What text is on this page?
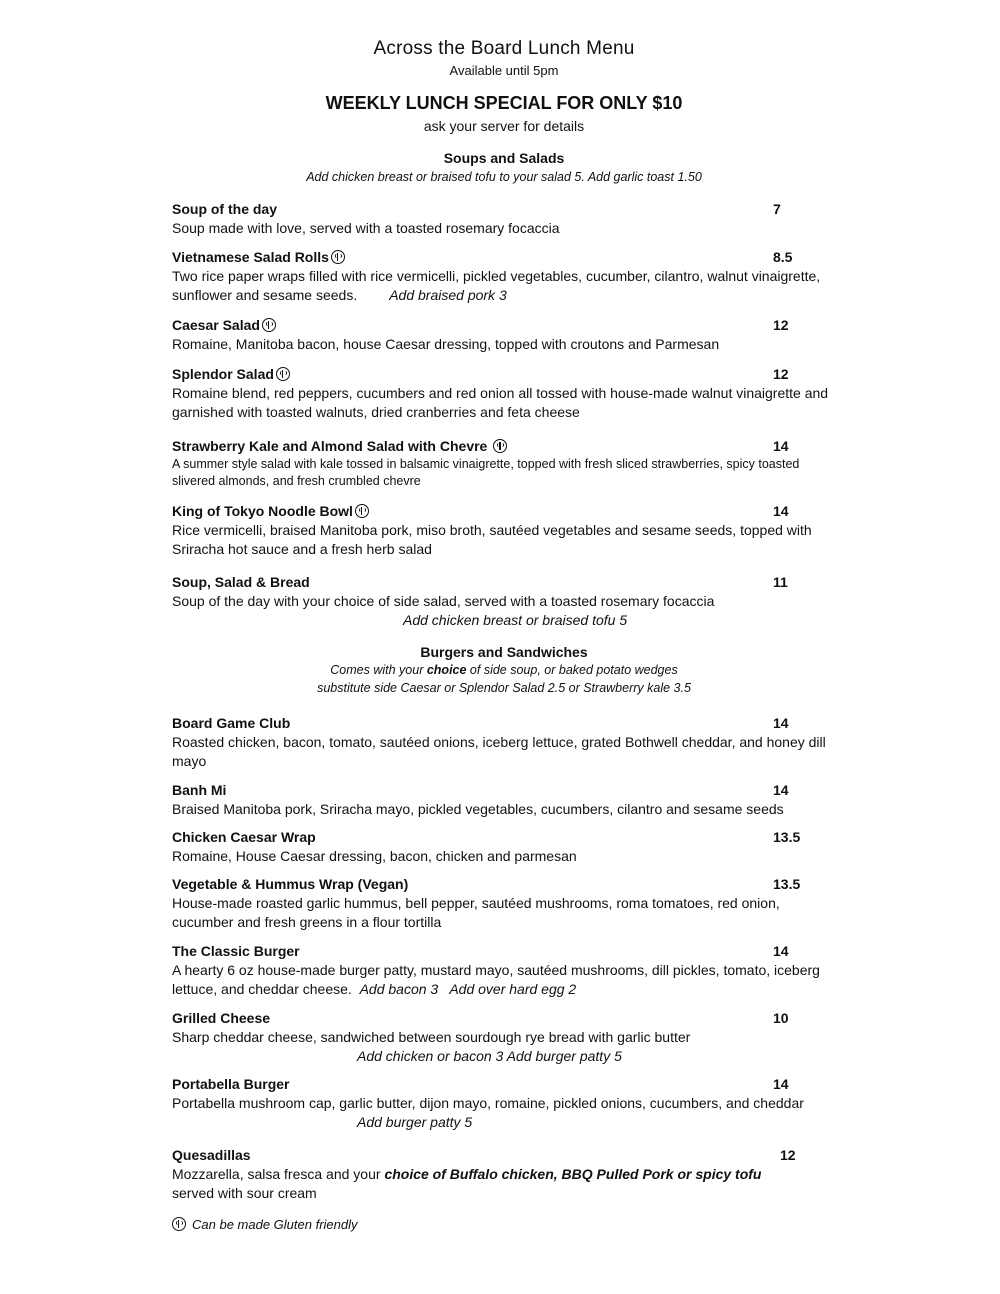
Across the Board Lunch Menu
Available until 5pm
WEEKLY LUNCH SPECIAL FOR ONLY $10
ask your server for details
Soups and Salads
Add chicken breast or braised tofu to your salad 5. Add garlic toast 1.50
Soup of the day	7
Soup made with love, served with a toasted rosemary focaccia
Vietnamese Salad Rolls	8.5
Two rice paper wraps filled with rice vermicelli, pickled vegetables, cucumber, cilantro, walnut vinaigrette, sunflower and sesame seeds. Add braised pork 3
Caesar Salad	12
Romaine, Manitoba bacon, house Caesar dressing, topped with croutons and Parmesan
Splendor Salad	12
Romaine blend, red peppers, cucumbers and red onion all tossed with house-made walnut vinaigrette and garnished with toasted walnuts, dried cranberries and feta cheese
Strawberry Kale and Almond Salad with Chevre	14
A summer style salad with kale tossed in balsamic vinaigrette, topped with fresh sliced strawberries, spicy toasted slivered almonds, and fresh crumbled chevre
King of Tokyo Noodle Bowl	14
Rice vermicelli, braised Manitoba pork, miso broth, sautéed vegetables and sesame seeds, topped with Sriracha hot sauce and a fresh herb salad
Soup, Salad & Bread	11
Soup of the day with your choice of side salad, served with a toasted rosemary focaccia
Add chicken breast or braised tofu 5
Burgers and Sandwiches
Comes with your choice of side soup, or baked potato wedges
substitute side Caesar or Splendor Salad 2.5 or Strawberry kale 3.5
Board Game Club	14
Roasted chicken, bacon, tomato, sautéed onions, iceberg lettuce, grated Bothwell cheddar, and honey dill mayo
Banh Mi	14
Braised Manitoba pork, Sriracha mayo, pickled vegetables, cucumbers, cilantro and sesame seeds
Chicken Caesar Wrap	13.5
Romaine, House Caesar dressing, bacon, chicken and parmesan
Vegetable & Hummus Wrap (Vegan)	13.5
House-made roasted garlic hummus, bell pepper, sautéed mushrooms, roma tomatoes, red onion, cucumber and fresh greens in a flour tortilla
The Classic Burger	14
A hearty 6 oz house-made burger patty, mustard mayo, sautéed mushrooms, dill pickles, tomato, iceberg lettuce, and cheddar cheese. Add bacon 3   Add over hard egg 2
Grilled Cheese	10
Sharp cheddar cheese, sandwiched between sourdough rye bread with garlic butter
Add chicken or bacon 3 Add burger patty 5
Portabella Burger	14
Portabella mushroom cap, garlic butter, dijon mayo, romaine, pickled onions, cucumbers, and cheddar
Add burger patty 5
Quesadillas	12
Mozzarella, salsa fresca and your choice of Buffalo chicken, BBQ Pulled Pork or spicy tofu
served with sour cream
Can be made Gluten friendly
